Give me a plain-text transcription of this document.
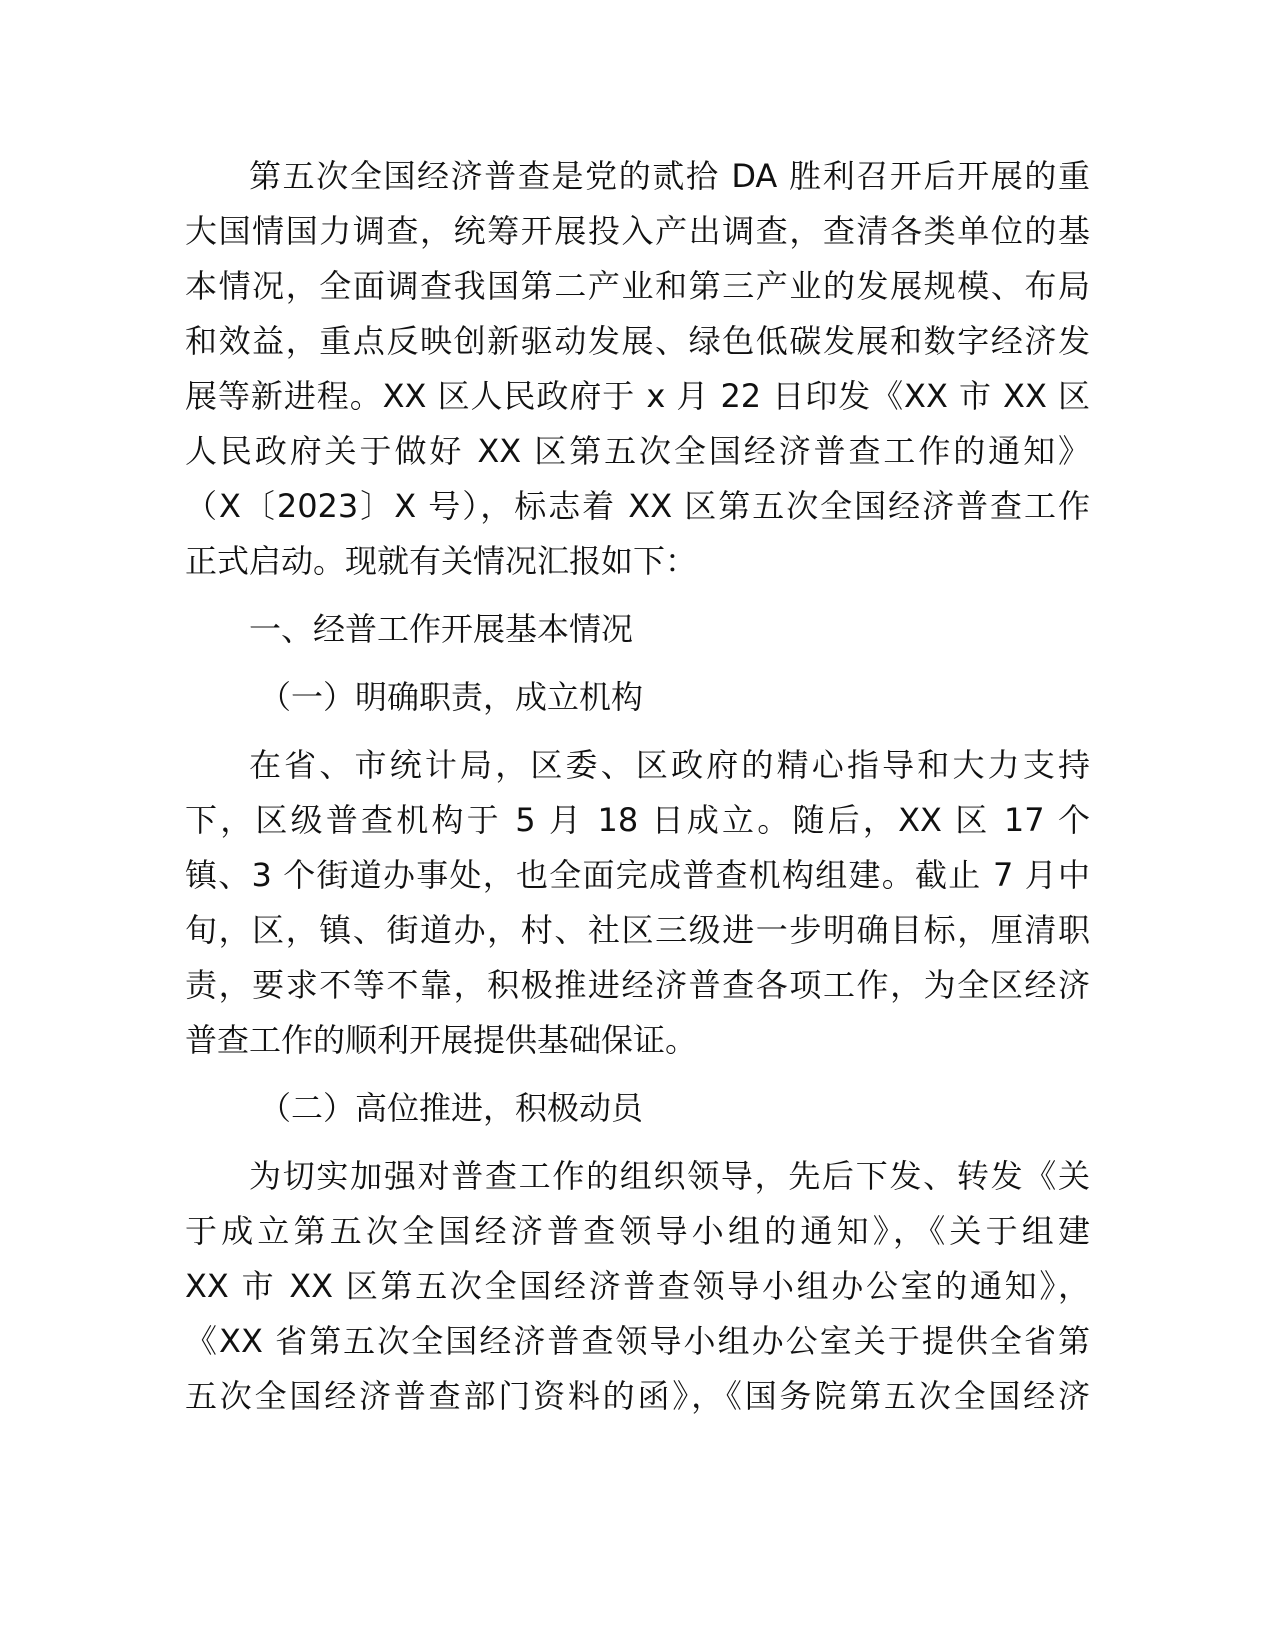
第五次全国经济普查是党的贰拾 DA 胜利召开后开展的重
大国情国力调查，统筹开展投入产出调查，查清各类单位的基
本情况，全面调查我国第二产业和第三产业的发展规模、布局
和效益，重点反映创新驱动发展、绿色低碳发展和数字经济发
展等新进程。XX 区人民政府于 x 月 22 日印发《XX 市 XX 区
人民政府关于做好 XX 区第五次全国经济普查工作的通知》
（X〔2023〕X 号），标志着 XX 区第五次全国经济普查工作
正式启动。现就有关情况汇报如下：
一、经普工作开展基本情况
（一）明确职责，成立机构
在省、市统计局，区委、区政府的精心指导和大力支持
下，区级普查机构于 5 月 18 日成立。随后，XX 区 17 个
镇、3 个街道办事处，也全面完成普查机构组建。截止 7 月中
旬，区，镇、街道办，村、社区三级进一步明确目标，厘清职
责，要求不等不靠，积极推进经济普查各项工作，为全区经济
普查工作的顺利开展提供基础保证。
（二）高位推进，积极动员
为切实加强对普查工作的组织领导，先后下发、转发《关
于成立第五次全国经济普查领导小组的通知》，《关于组建
XX 市 XX 区第五次全国经济普查领导小组办公室的通知》，
《XX 省第五次全国经济普查领导小组办公室关于提供全省第
五次全国经济普查部门资料的函》，《国务院第五次全国经济
